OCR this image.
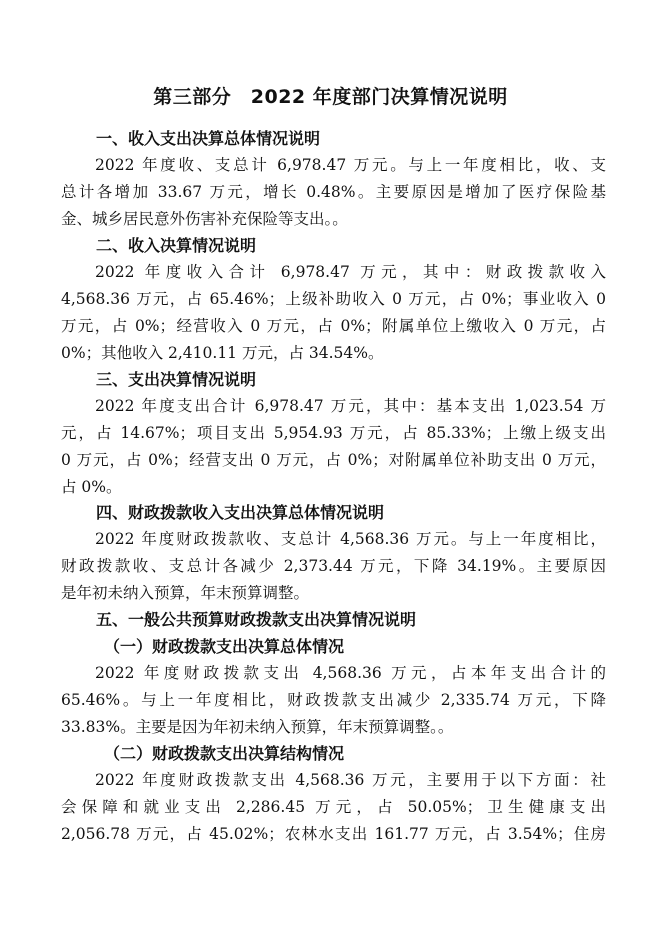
第三部分　2022 年度部门决算情况说明
一、收入支出决算总体情况说明
2022 年度收、支总计 6,978.47 万元。与上一年度相比，收、支
总计各增加 33.67 万元，增长 0.48%。主要原因是增加了医疗保险基
金、城乡居民意外伤害补充保险等支出。。
二、收入决算情况说明
2022 年度收入合计 6,978.47 万元，其中：财政拨款收入
4,568.36 万元，占 65.46%；上级补助收入 0 万元，占 0%；事业收入 0
万元，占 0%；经营收入 0 万元，占 0%；附属单位上缴收入 0 万元，占
0%；其他收入 2,410.11 万元，占 34.54%。
三、支出决算情况说明
2022 年度支出合计 6,978.47 万元，其中：基本支出 1,023.54 万
元，占 14.67%；项目支出 5,954.93 万元，占 85.33%；上缴上级支出
0 万元，占 0%；经营支出 0 万元，占 0%；对附属单位补助支出 0 万元，
占 0%。
四、财政拨款收入支出决算总体情况说明
2022 年度财政拨款收、支总计 4,568.36 万元。与上一年度相比，
财政拨款收、支总计各减少 2,373.44 万元，下降 34.19%。主要原因
是年初未纳入预算，年末预算调整。
五、一般公共预算财政拨款支出决算情况说明
（一）财政拨款支出决算总体情况
2022 年度财政拨款支出 4,568.36 万元，占本年支出合计的
65.46%。与上一年度相比，财政拨款支出减少 2,335.74 万元，下降
33.83%。主要是因为年初未纳入预算，年末预算调整。。
（二）财政拨款支出决算结构情况
2022 年度财政拨款支出 4,568.36 万元，主要用于以下方面：社
会保障和就业支出 2,286.45 万元，占 50.05%；卫生健康支出
2,056.78 万元，占 45.02%；农林水支出 161.77 万元，占 3.54%；住房
